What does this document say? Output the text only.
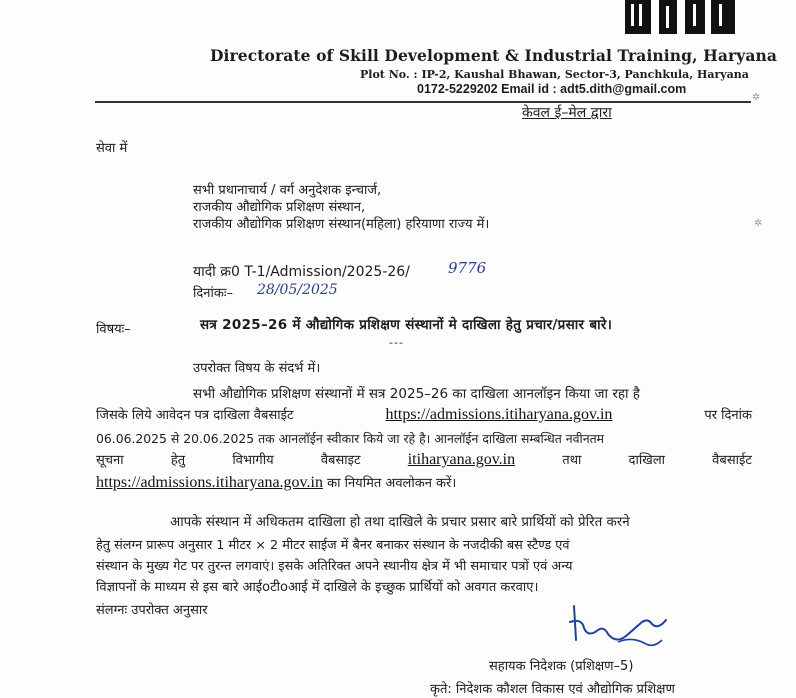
iti
Directorate of Skill Development & Industrial Training, Haryana
Plot No. : IP-2, Kaushal Bhawan, Sector-3, Panchkula, Haryana
0172-5229202 Email id : adt5.dith@gmail.com
केवल ई–मेल द्वारा
सेवा में
सभी प्रधानाचार्य / वर्ग अनुदेशक इन्चार्ज,
राजकीय औद्योगिक प्रशिक्षण संस्थान,
राजकीय औद्योगिक प्रशिक्षण संस्थान(महिला) हरियाणा राज्य में।
यादी क्र0 T-1/Admission/2025-26/	9776
दिनांकः– 28/05/2025
विषयः–	सत्र 2025–26 में औद्योगिक प्रशिक्षण संस्थानों मे दाखिला हेतु प्रचार/प्रसार बारे।
---
उपरोक्त विषय के संदर्भ में।
सभी औद्योगिक प्रशिक्षण संस्थानों में सत्र 2025–26 का दाखिला आनलॉइन किया जा रहा है
जिसके लिये आवेदन पत्र दाखिला वैबसाईट	https://admissions.itiharyana.gov.in	पर दिनांक
06.06.2025 से 20.06.2025 तक आनलॉईन स्वीकार किये जा रहे है। आनलॉईन दाखिला सम्बन्धित नवीनतम
सूचना	हेतु	विभागीय	वैबसाइट	itiharyana.gov.in	तथा	दाखिला	वैबसाईट
https://admissions.itiharyana.gov.in का नियमित अवलोकन करें।
आपके संस्थान में अधिकतम दाखिला हो तथा दाखिले के प्रचार प्रसार बारे प्रार्थियों को प्रेरित करने
हेतु संलग्न प्रारूप अनुसार 1 मीटर × 2 मीटर साईज में बैनर बनाकर संस्थान के नजदीकी बस स्टैण्ड एवं
संस्थान के मुख्य गेट पर तुरन्त लगवाएं। इसके अतिरिक्त अपने स्थानीय क्षेत्र में भी समाचार पत्रों एवं अन्य
विज्ञापनों के माध्यम से इस बारे आईoटीoआई में दाखिले के इच्छुक प्रार्थियों को अवगत करवाए।
संलग्नः उपरोक्त अनुसार
सहायक निदेशक (प्रशिक्षण–5)
कृते: निदेशक कौशल विकास एवं औद्योगिक प्रशिक्षण
✲
✲
